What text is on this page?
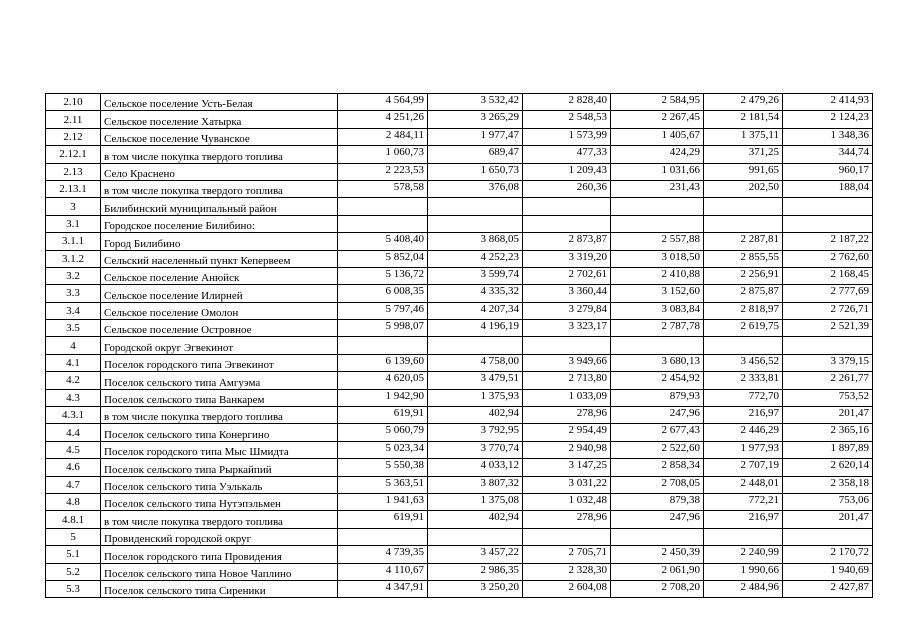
2.10	Сельское поселение Усть-Белая	4 564,99	3 532,42	2 828,40	2 584,95	2 479,26	2 414,93
2.11	Сельское поселение Хатырка	4 251,26	3 265,29	2 548,53	2 267,45	2 181,54	2 124,23
2.12	Сельское поселение Чуванское	2 484,11	1 977,47	1 573,99	1 405,67	1 375,11	1 348,36
2.12.1	в том числе покупка твердого топлива	1 060,73	689,47	477,33	424,29	371,25	344,74
2.13	Село Краснено	2 223,53	1 650,73	1 209,43	1 031,66	991,65	960,17
2.13.1	в том числе покупка твердого топлива	578,58	376,08	260,36	231,43	202,50	188,04
3	Билибинский муниципальный район						
3.1	Городское поселение Билибино:						
3.1.1	Город Билибино	5 408,40	3 868,05	2 873,87	2 557,88	2 287,81	2 187,22
3.1.2	Сельский населенный пункт Кепервеем	5 852,04	4 252,23	3 319,20	3 018,50	2 855,55	2 762,60
3.2	Сельское поселение Анюйск	5 136,72	3 599,74	2 702,61	2 410,88	2 256,91	2 168,45
3.3	Сельское поселение Илирней	6 008,35	4 335,32	3 360,44	3 152,60	2 875,87	2 777,69
3.4	Сельское поселение Омолон	5 797,46	4 207,34	3 279,84	3 083,84	2 818,97	2 726,71
3.5	Сельское поселение Островное	5 998,07	4 196,19	3 323,17	2 787,78	2 619,75	2 521,39
4	Городской округ Эгвекинот						
4.1	Поселок городского типа Эгвекинот	6 139,60	4 758,00	3 949,66	3 680,13	3 456,52	3 379,15
4.2	Поселок сельского типа Амгуэма	4 620,05	3 479,51	2 713,80	2 454,92	2 333,81	2 261,77
4.3	Поселок сельского типа Ванкарем	1 942,90	1 375,93	1 033,09	879,93	772,70	753,52
4.3.1	в том числе покупка твердого топлива	619,91	402,94	278,96	247,96	216,97	201,47
4.4	Поселок сельского типа Конергино	5 060,79	3 792,95	2 954,49	2 677,43	2 446,29	2 365,16
4.5	Поселок городского типа Мыс Шмидта	5 023,34	3 770,74	2 940,98	2 522,60	1 977,93	1 897,89
4.6	Поселок сельского типа Рыркайпий	5 550,38	4 033,12	3 147,25	2 858,34	2 707,19	2 620,14
4.7	Поселок сельского типа Уэлькаль	5 363,51	3 807,32	3 031,22	2 708,05	2 448,01	2 358,18
4.8	Поселок сельского типа Нутэпэльмен	1 941,63	1 375,08	1 032,48	879,38	772,21	753,06
4.8.1	в том числе покупка твердого топлива	619,91	402,94	278,96	247,96	216,97	201,47
5	Провиденский городской округ						
5.1	Поселок городского типа Провидения	4 739,35	3 457,22	2 705,71	2 450,39	2 240,99	2 170,72
5.2	Поселок сельского типа Новое Чаплино	4 110,67	2 986,35	2 328,30	2 061,90	1 990,66	1 940,69
5.3	Поселок сельского типа Сиреники	4 347,91	3 250,20	2 604,08	2 708,20	2 484,96	2 427,87
